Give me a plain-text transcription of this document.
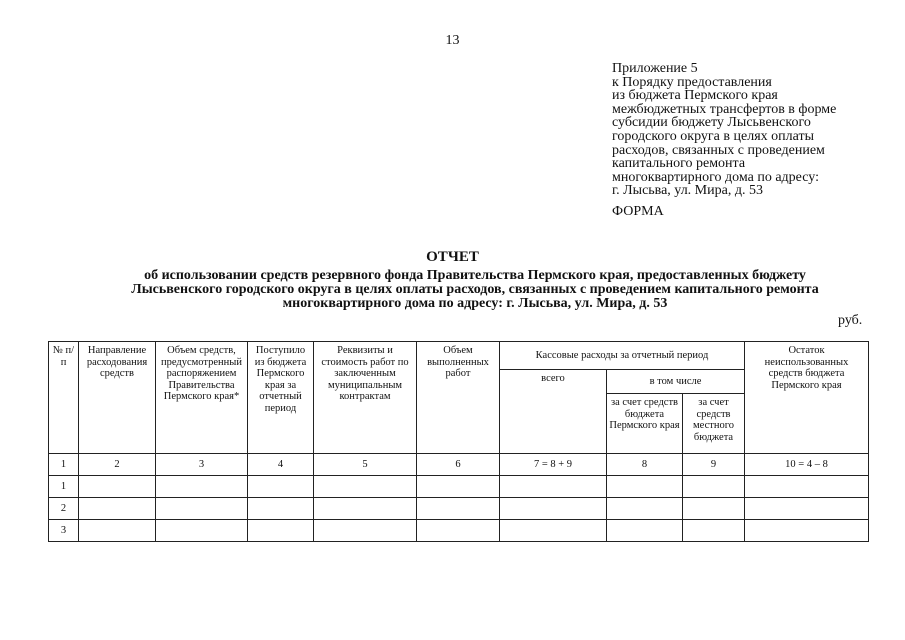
13
Приложение 5
к Порядку предоставления
из бюджета Пермского края
межбюджетных трансфертов в форме
субсидии бюджету Лысьвенского
городского округа в целях оплаты
расходов, связанных с проведением
капитального ремонта
многоквартирного дома по адресу:
г. Лысьва, ул. Мира, д. 53
ФОРМА
ОТЧЕТ
об использовании средств резервного фонда Правительства Пермского края, предоставленных бюджету
Лысьвенского городского округа в целях оплаты расходов, связанных с проведением капитального ремонта
многоквартирного дома по адресу: г. Лысьва, ул. Мира, д. 53
руб.
№ п/п	Направление расходования средств	Объем средств, предусмотренный распоряжением Правительства Пермского края*	Поступило из бюджета Пермского края за отчетный период	Реквизиты и стоимость работ по заключенным муниципальным контрактам	Объем выполненных работ	Кассовые расходы за отчетный период			Остаток неиспользованных средств бюджета Пермского края
						всего	в том числе		
							за счет средств бюджета Пермского края	за счет средств местного бюджета	
1	2	3	4	5	6	7 = 8 + 9	8	9	10 = 4 – 8
1									
2									
3									
